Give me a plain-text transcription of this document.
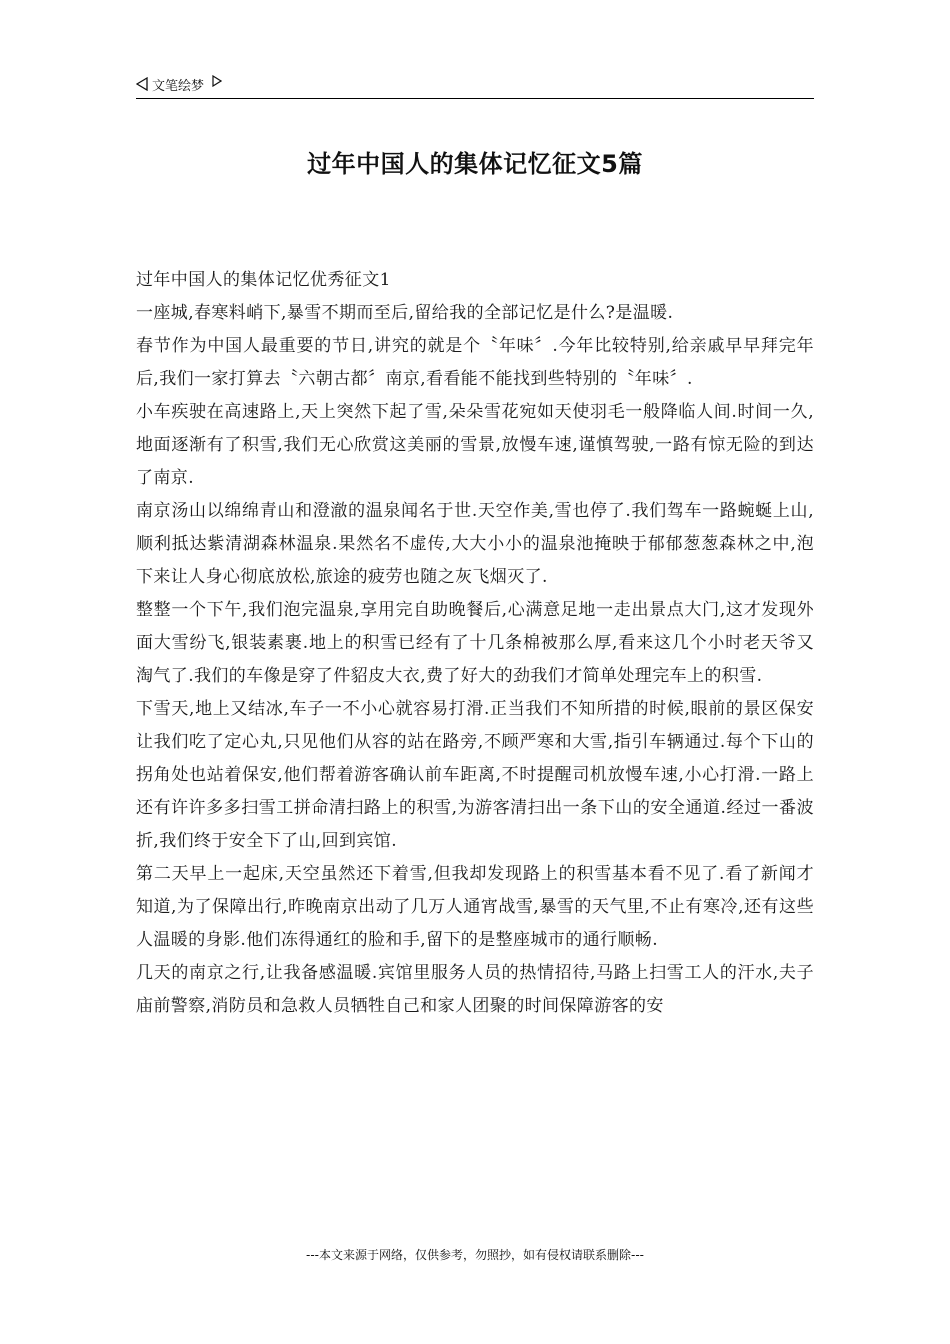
文笔绘梦
过年中国人的集体记忆征文5篇

过年中国人的集体记忆优秀征文1

一座城,春寒料峭下,暴雪不期而至后,留给我的全部记忆是什么?是温暖.

春节作为中国人最重要的节日,讲究的就是个〝年味〞.今年比较特别,给亲戚早早拜完年后,我们一家打算去〝六朝古都〞南京,看看能不能找到些特别的〝年味〞.

小车疾驶在高速路上,天上突然下起了雪,朵朵雪花宛如天使羽毛一般降临人间.时间一久,地面逐渐有了积雪,我们无心欣赏这美丽的雪景,放慢车速,谨慎驾驶,一路有惊无险的到达了南京.

南京汤山以绵绵青山和澄澈的温泉闻名于世.天空作美,雪也停了.我们驾车一路蜿蜒上山,顺利抵达紫清湖森林温泉.果然名不虚传,大大小小的温泉池掩映于郁郁葱葱森林之中,泡下来让人身心彻底放松,旅途的疲劳也随之灰飞烟灭了.

整整一个下午,我们泡完温泉,享用完自助晚餐后,心满意足地一走出景点大门,这才发现外面大雪纷飞,银装素裹.地上的积雪已经有了十几条棉被那么厚,看来这几个小时老天爷又淘气了.我们的车像是穿了件貂皮大衣,费了好大的劲我们才简单处理完车上的积雪.

下雪天,地上又结冰,车子一不小心就容易打滑.正当我们不知所措的时候,眼前的景区保安让我们吃了定心丸,只见他们从容的站在路旁,不顾严寒和大雪,指引车辆通过.每个下山的拐角处也站着保安,他们帮着游客确认前车距离,不时提醒司机放慢车速,小心打滑.一路上还有许许多多扫雪工拼命清扫路上的积雪,为游客清扫出一条下山的安全通道.经过一番波折,我们终于安全下了山,回到宾馆.

第二天早上一起床,天空虽然还下着雪,但我却发现路上的积雪基本看不见了.看了新闻才知道,为了保障出行,昨晚南京出动了几万人通宵战雪,暴雪的天气里,不止有寒冷,还有这些人温暖的身影.他们冻得通红的脸和手,留下的是整座城市的通行顺畅.

几天的南京之行,让我备感温暖.宾馆里服务人员的热情招待,马路上扫雪工人的汗水,夫子庙前警察,消防员和急救人员牺牲自己和家人团聚的时间保障游客的安

---本文来源于网络，仅供参考，勿照抄，如有侵权请联系删除---
